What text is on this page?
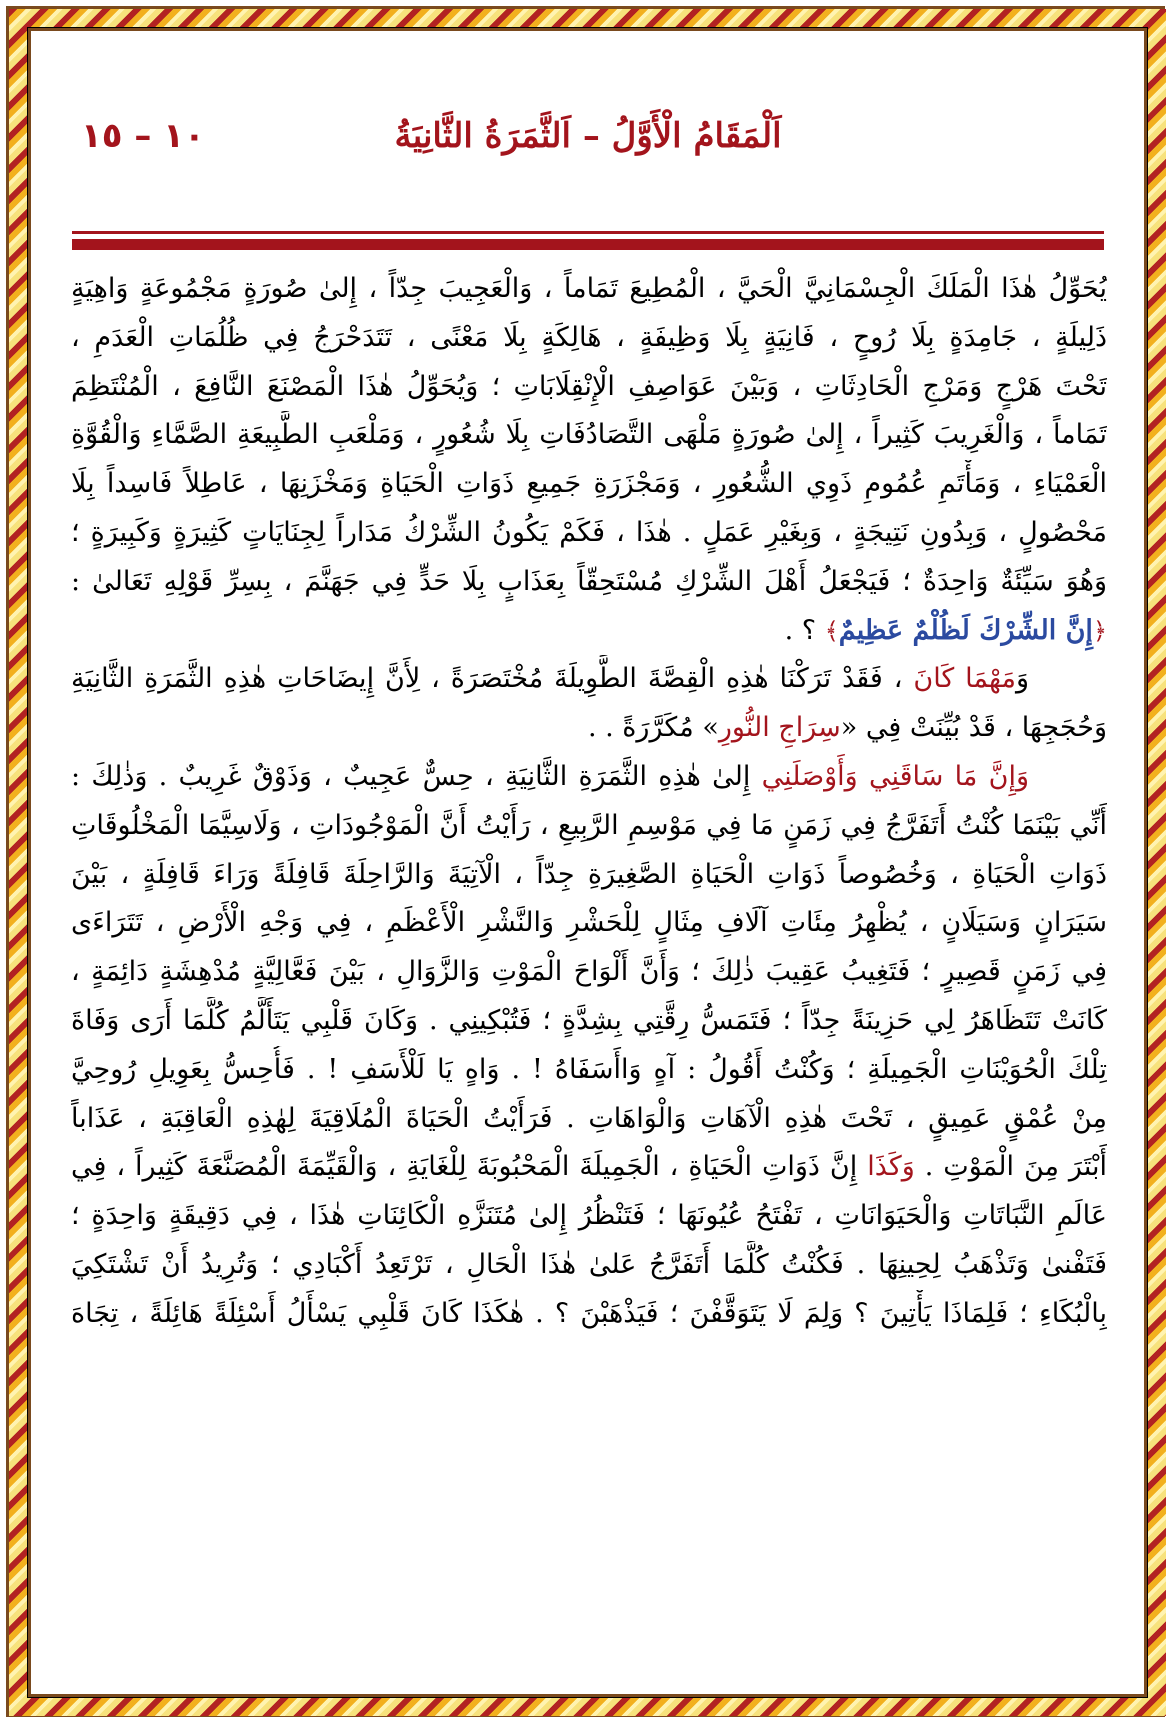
اَلْمَقَامُ الْأَوَّلُ – اَلثَّمَرَةُ الثَّانِيَةُ
١٠ – ١٥
يُحَوِّلُ هٰذَا الْمَلَكَ الْجِسْمَانِيَّ الْحَيَّ ، الْمُطِيعَ تَمَاماً ، وَالْعَجِيبَ جِدّاً ، إِلىٰ صُورَةٍ مَجْمُوعَةٍ وَاهِيَةٍ
ذَلِيلَةٍ ، جَامِدَةٍ بِلَا رُوحٍ ، فَانِيَةٍ بِلَا وَظِيفَةٍ ، هَالِكَةٍ بِلَا مَعْنًى ، تَتَدَحْرَجُ فِي ظُلُمَاتِ الْعَدَمِ ،
تَحْتَ هَرْجٍ وَمَرْجِ الْحَادِثَاتِ ، وَبَيْنَ عَوَاصِفِ الْإِنْقِلَابَاتِ ؛ وَيُحَوِّلُ هٰذَا الْمَصْنَعَ النَّافِعَ ، الْمُنْتَظِمَ
تَمَاماً ، وَالْغَرِيبَ كَثِيراً ، إِلىٰ صُورَةٍ مَلْهَى التَّصَادُفَاتِ بِلَا شُعُورٍ ، وَمَلْعَبِ الطَّبِيعَةِ الصَّمَّاءِ وَالْقُوَّةِ
الْعَمْيَاءِ ، وَمَأْتَمِ عُمُومِ ذَوِي الشُّعُورِ ، وَمَجْزَرَةِ جَمِيعِ ذَوَاتِ الْحَيَاةِ وَمَخْزَنِهَا ، عَاطِلاً فَاسِداً بِلَا
مَحْصُولٍ ، وَبِدُونِ نَتِيجَةٍ ، وَبِغَيْرِ عَمَلٍ . هٰذَا ، فَكَمْ يَكُونُ الشِّرْكُ مَدَاراً لِجِنَايَاتٍ كَثِيرَةٍ وَكَبِيرَةٍ ؛
وَهُوَ سَيِّئَةٌ وَاحِدَةٌ ؛ فَيَجْعَلُ أَهْلَ الشِّرْكِ مُسْتَحِقّاً بِعَذَابٍ بِلَا حَدٍّ فِي جَهَنَّمَ ، بِسِرِّ قَوْلِهِ تَعَالىٰ :
﴿إِنَّ الشِّرْكَ لَظُلْمٌ عَظِيمٌ﴾ ؟ .
وَمَهْمَا كَانَ ، فَقَدْ تَرَكْنَا هٰذِهِ الْقِصَّةَ الطَّوِيلَةَ مُخْتَصَرَةً ، لِأَنَّ إِيضَاحَاتِ هٰذِهِ الثَّمَرَةِ الثَّانِيَةِ
وَحُجَجِهَا ، قَدْ بُيِّنَتْ فِي «سِرَاجِ النُّورِ» مُكَرَّرَةً . .
وَإِنَّ مَا سَاقَنِي وَأَوْصَلَنِي إِلىٰ هٰذِهِ الثَّمَرَةِ الثَّانِيَةِ ، حِسٌّ عَجِيبٌ ، وَذَوْقٌ غَرِيبٌ . وَذٰلِكَ :
أَنِّي بَيْنَمَا كُنْتُ أَتَفَرَّجُ فِي زَمَنٍ مَا فِي مَوْسِمِ الرَّبِيعِ ، رَأَيْتُ أَنَّ الْمَوْجُودَاتِ ، وَلَاسِيَّمَا الْمَخْلُوقَاتِ
ذَوَاتِ الْحَيَاةِ ، وَخُصُوصاً ذَوَاتِ الْحَيَاةِ الصَّغِيرَةِ جِدّاً ، الْآتِيَةَ وَالرَّاحِلَةَ قَافِلَةً وَرَاءَ قَافِلَةٍ ، بَيْنَ
سَيَرَانٍ وَسَيَلَانٍ ، يُظْهِرُ مِئَاتِ آلَافِ مِثَالٍ لِلْحَشْرِ وَالنَّشْرِ الْأَعْظَمِ ، فِي وَجْهِ الْأَرْضِ ، تَتَرَاءَى
فِي زَمَنٍ قَصِيرٍ ؛ فَتَغِيبُ عَقِيبَ ذٰلِكَ ؛ وَأَنَّ أَلْوَاحَ الْمَوْتِ وَالزَّوَالِ ، بَيْنَ فَعَّالِيَّةٍ مُدْهِشَةٍ دَائِمَةٍ ،
كَانَتْ تَتَظَاهَرُ لِي حَزِينَةً جِدّاً ؛ فَتَمَسُّ رِقَّتِي بِشِدَّةٍ ؛ فَتُبْكِينِي . وَكَانَ قَلْبِي يَتَأَلَّمُ كُلَّمَا أَرَى وَفَاةَ
تِلْكَ الْحُوَيْنَاتِ الْجَمِيلَةِ ؛ وَكُنْتُ أَقُولُ : آهٍ وَاأَسَفَاهُ ! . وَاهٍ يَا لَلْأَسَفِ ! . فَأُحِسُّ بِعَوِيلِ رُوحِيَّ
مِنْ عُمْقٍ عَمِيقٍ ، تَحْتَ هٰذِهِ الْآهَاتِ وَالْوَاهَاتِ . فَرَأَيْتُ الْحَيَاةَ الْمُلَاقِيَةَ لِهٰذِهِ الْعَاقِبَةِ ، عَذَاباً
أَبْتَرَ مِنَ الْمَوْتِ . وَكَذَا إِنَّ ذَوَاتِ الْحَيَاةِ ، الْجَمِيلَةَ الْمَحْبُوبَةَ لِلْغَايَةِ ، وَالْقَيِّمَةَ الْمُصَنَّعَةَ كَثِيراً ، فِي
عَالَمِ النَّبَاتَاتِ وَالْحَيَوَانَاتِ ، تَفْتَحُ عُيُونَهَا ؛ فَتَنْظُرُ إِلىٰ مُتَنَزَّهِ الْكَائِنَاتِ هٰذَا ، فِي دَقِيقَةٍ وَاحِدَةٍ ؛
فَتَفْنىٰ وَتَذْهَبُ لِحِينِهَا . فَكُنْتُ كُلَّمَا أَتَفَرَّجُ عَلىٰ هٰذَا الْحَالِ ، تَرْتَعِدُ أَكْبَادِي ؛ وَتُرِيدُ أَنْ تَشْتَكِيَ
بِالْبُكَاءِ ؛ فَلِمَاذَا يَأْتِينَ ؟ وَلِمَ لَا يَتَوَقَّفْنَ ؛ فَيَذْهَبْنَ ؟ . هٰكَذَا كَانَ قَلْبِي يَسْأَلُ أَسْئِلَةً هَائِلَةً ، تِجَاهَ
